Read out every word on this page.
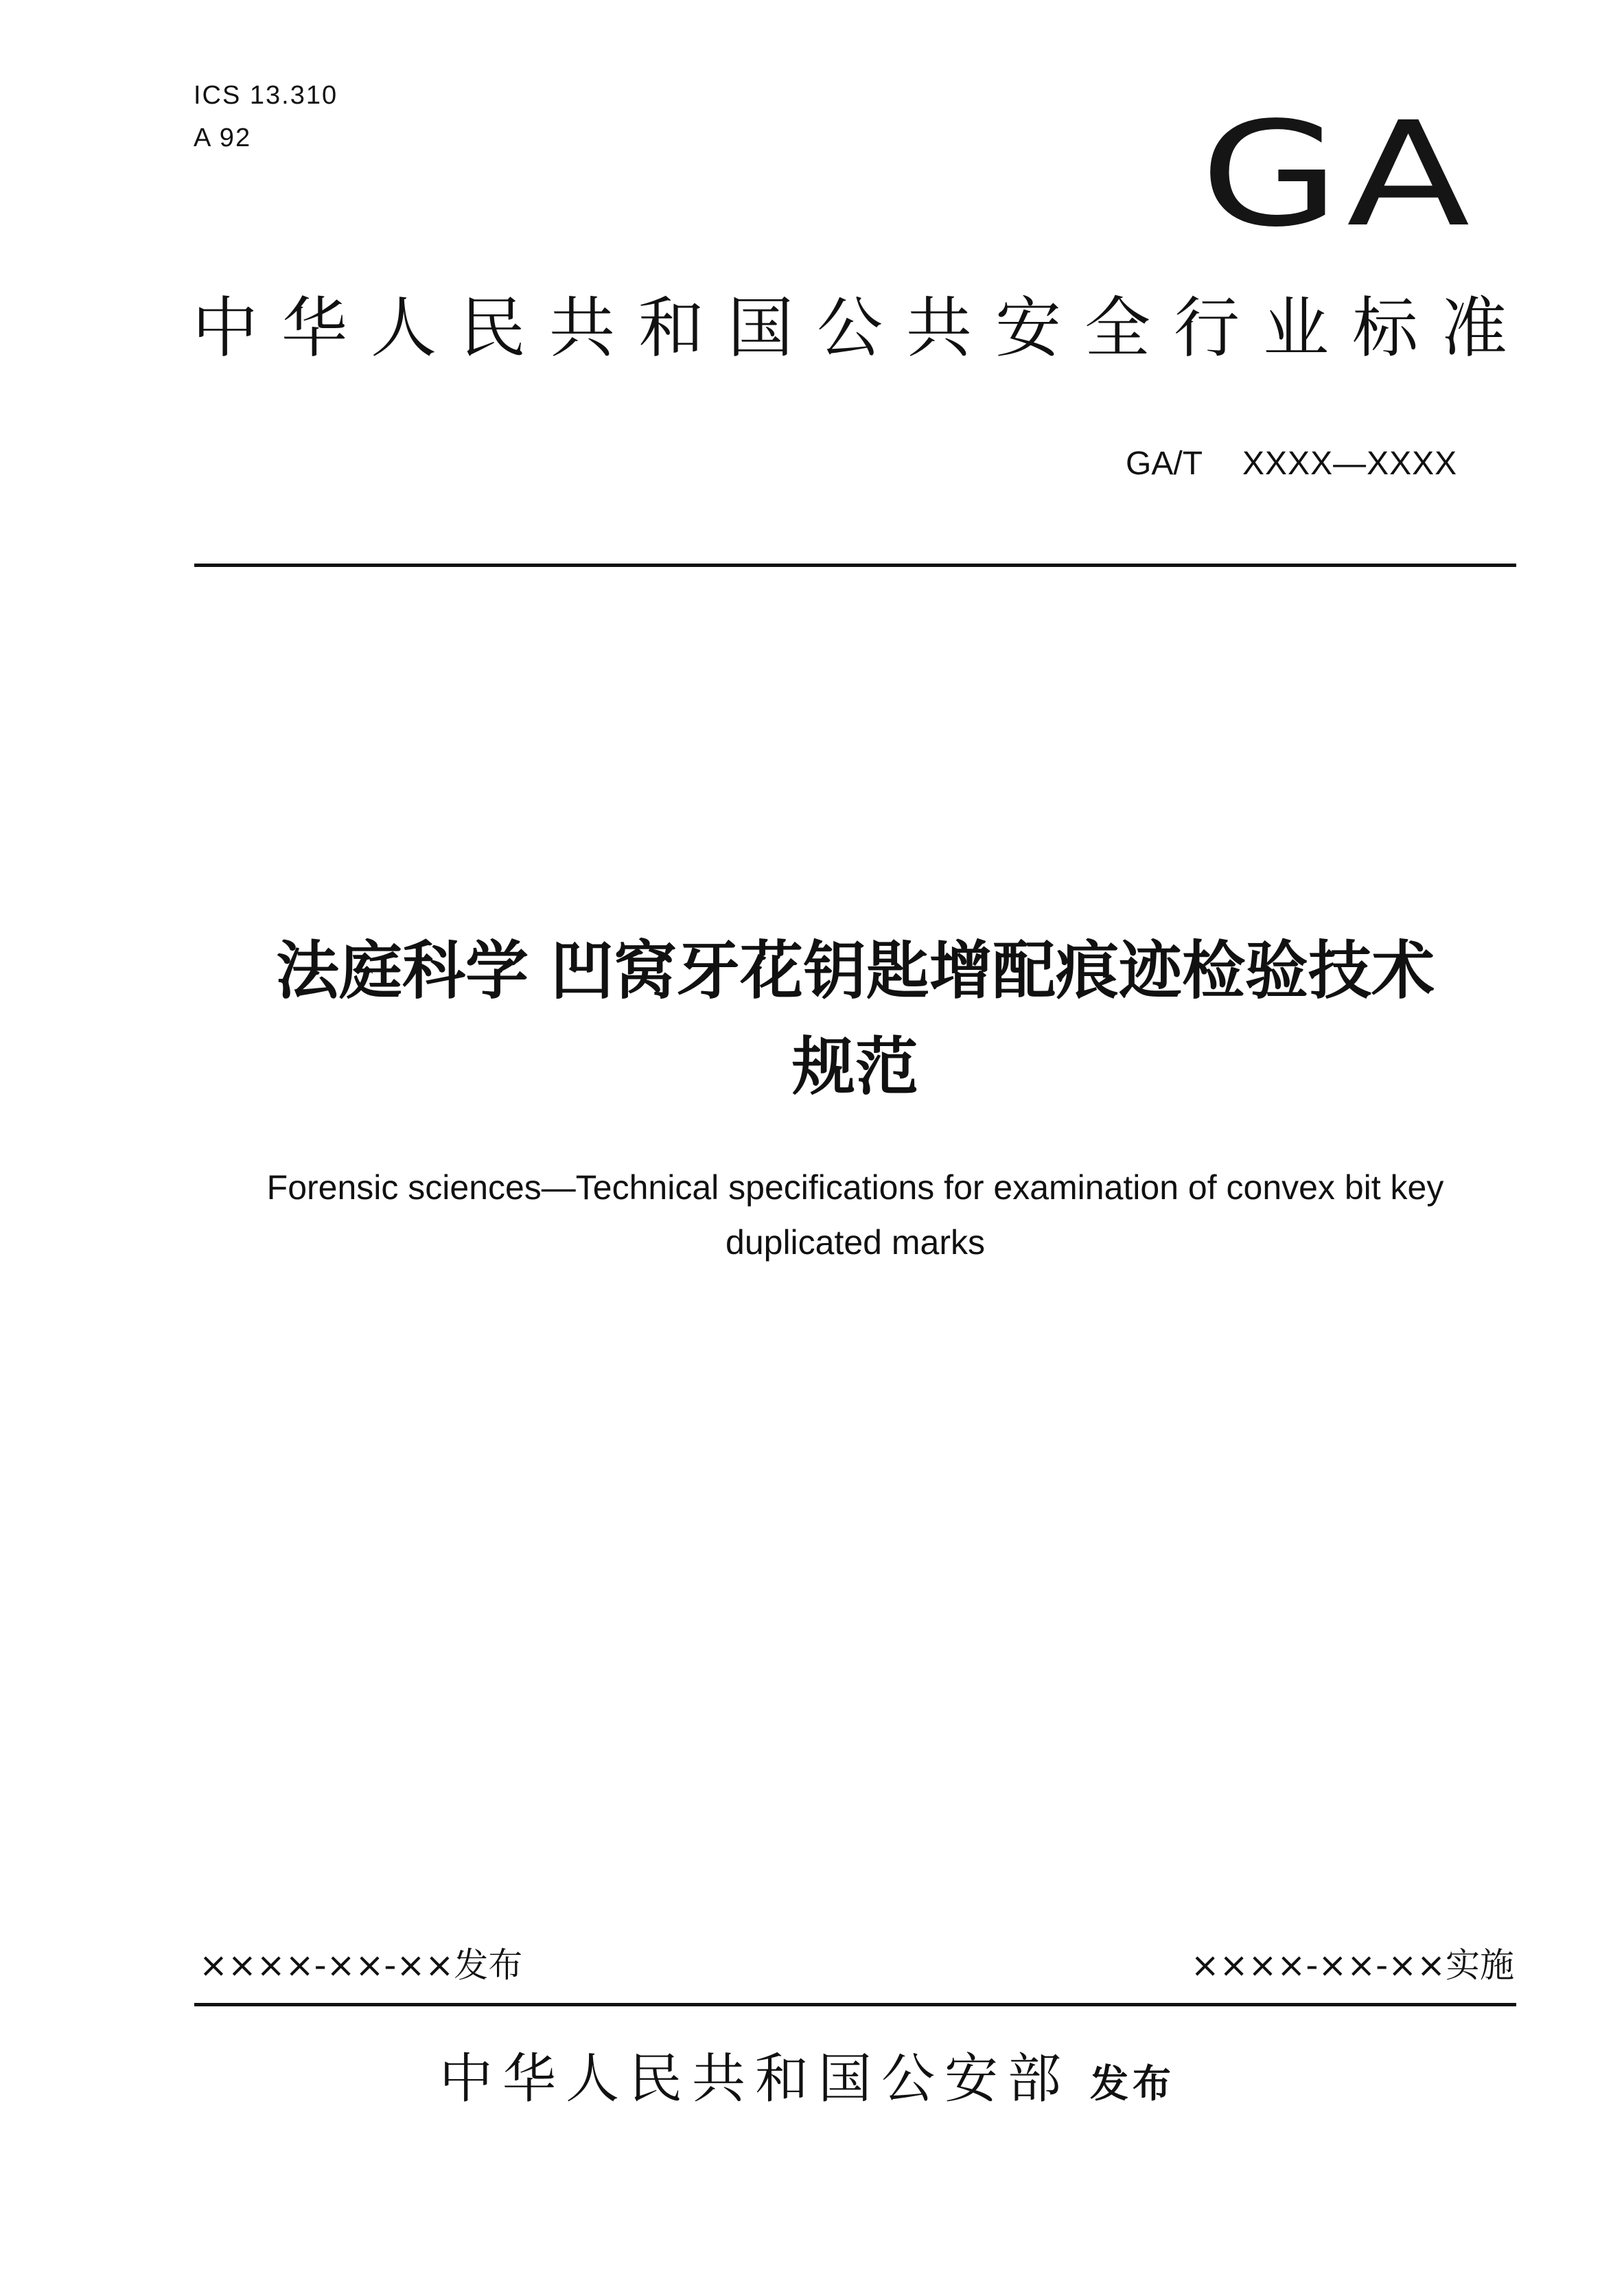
ICS 13.310
A 92	GA
中华人民共和国公共安全行业标准
GA/T XXXX—XXXX
法庭科学 凹窝牙花钥匙增配痕迹检验技术
规范
Forensic sciences—Technical specifications for examination of convex bit key
duplicated marks
××××-××-××发布	××××-××-××实施
中华人民共和国公安部 发布
